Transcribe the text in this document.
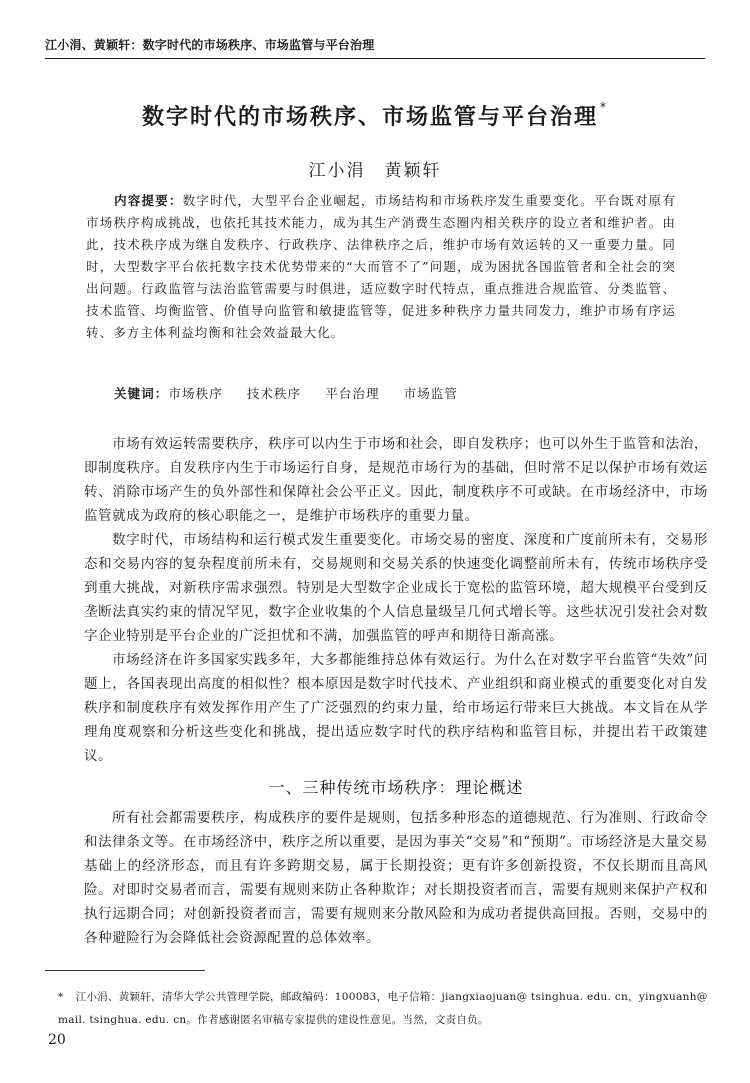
江小涓、黄颖轩：数字时代的市场秩序、市场监管与平台治理
数字时代的市场秩序、市场监管与平台治理 *
江小涓　黄颖轩
内容提要：数字时代，大型平台企业崛起，市场结构和市场秩序发生重要变化。平台既对原有市场秩序构成挑战，也依托其技术能力，成为其生产消费生态圈内相关秩序的设立者和维护者。由此，技术秩序成为继自发秩序、行政秩序、法律秩序之后，维护市场有效运转的又一重要力量。同时，大型数字平台依托数字技术优势带来的“大而管不了”问题，成为困扰各国监管者和全社会的突出问题。行政监管与法治监管需要与时俱进，适应数字时代特点，重点推进合规监管、分类监管、技术监管、均衡监管、价值导向监管和敏捷监管等，促进多种秩序力量共同发力，维护市场有序运转、多方主体利益均衡和社会效益最大化。
关键词：市场秩序 技术秩序 平台治理 市场监管

市场有效运转需要秩序，秩序可以内生于市场和社会，即自发秩序；也可以外生于监管和法治，即制度秩序。自发秩序内生于市场运行自身，是规范市场行为的基础，但时常不足以保护市场有效运转、消除市场产生的负外部性和保障社会公平正义。因此，制度秩序不可或缺。在市场经济中，市场监管就成为政府的核心职能之一，是维护市场秩序的重要力量。

数字时代，市场结构和运行模式发生重要变化。市场交易的密度、深度和广度前所未有，交易形态和交易内容的复杂程度前所未有，交易规则和交易关系的快速变化调整前所未有，传统市场秩序受到重大挑战，对新秩序需求强烈。特别是大型数字企业成长于宽松的监管环境，超大规模平台受到反垄断法真实约束的情况罕见，数字企业收集的个人信息量级呈几何式增长等。这些状况引发社会对数字企业特别是平台企业的广泛担忧和不满，加强监管的呼声和期待日渐高涨。

市场经济在许多国家实践多年，大多都能维持总体有效运行。为什么在对数字平台监管“失效”问题上，各国表现出高度的相似性？根本原因是数字时代技术、产业组织和商业模式的重要变化对自发秩序和制度秩序有效发挥作用产生了广泛强烈的约束力量，给市场运行带来巨大挑战。本文旨在从学理角度观察和分析这些变化和挑战，提出适应数字时代的秩序结构和监管目标，并提出若干政策建议。

一、三种传统市场秩序：理论概述

所有社会都需要秩序，构成秩序的要件是规则，包括多种形态的道德规范、行为准则、行政命令和法律条文等。在市场经济中，秩序之所以重要，是因为事关“交易”和“预期”。市场经济是大量交易基础上的经济形态，而且有许多跨期交易，属于长期投资；更有许多创新投资，不仅长期而且高风险。对即时交易者而言，需要有规则来防止各种欺诈；对长期投资者而言，需要有规则来保护产权和执行远期合同；对创新投资者而言，需要有规则来分散风险和为成功者提供高回报。否则，交易中的各种避险行为会降低社会资源配置的总体效率。

* 江小涓、黄颖轩，清华大学公共管理学院，邮政编码：100083，电子信箱：jiangxiaojuan@ tsinghua. edu. cn，yingxuanh@ mail. tsinghua. edu. cn。作者感谢匿名审稿专家提供的建设性意见。当然，文责自负。
20
